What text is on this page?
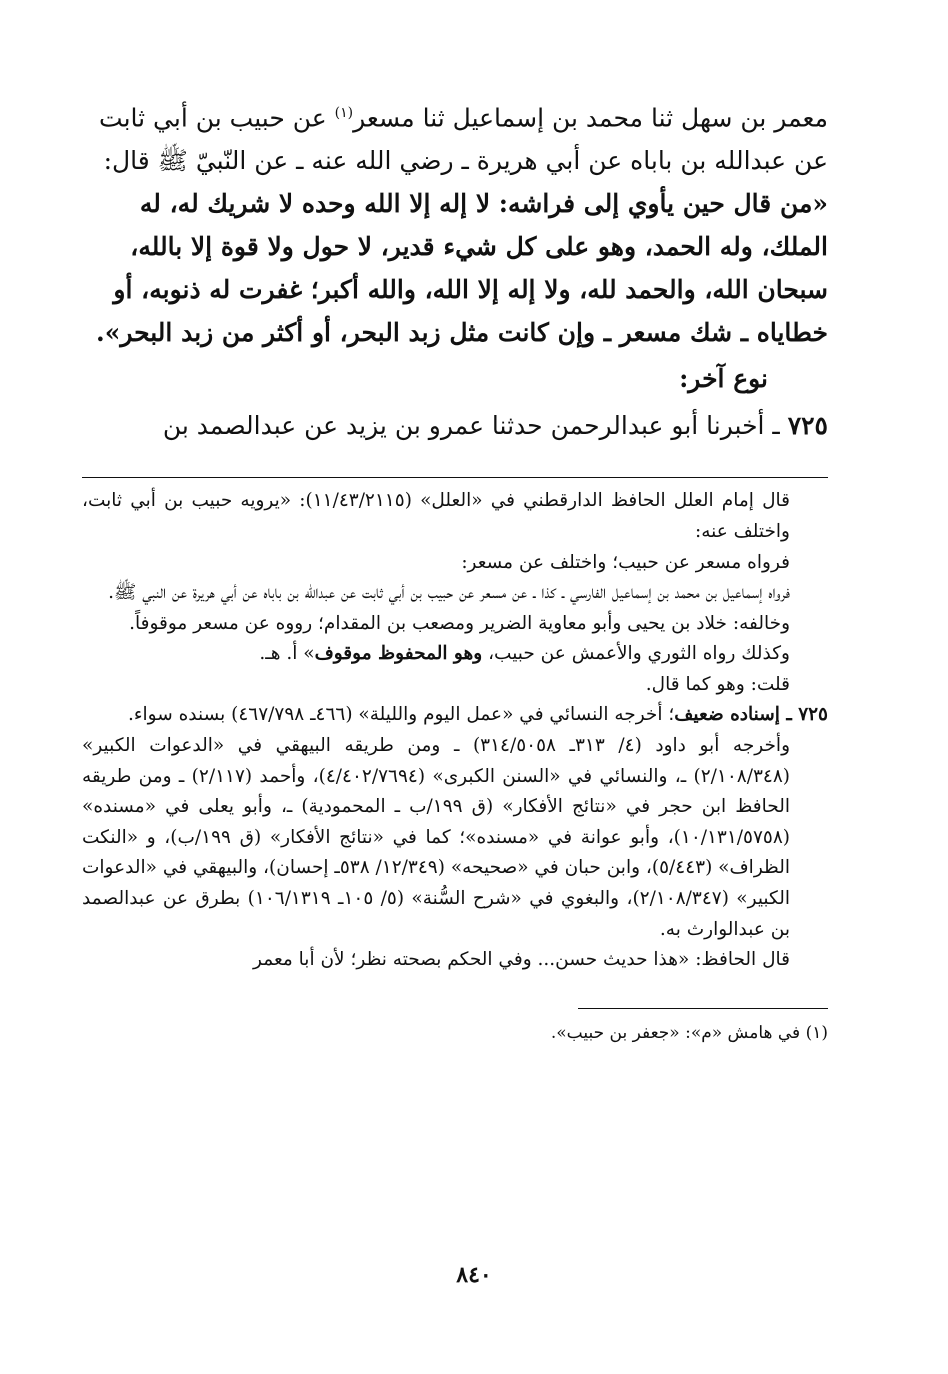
معمر بن سهل ثنا محمد بن إسماعيل ثنا مسعر$^{(١)}$ عن حبيب بن أبي ثابت

عن عبدالله بن باباه عن أبي هريرة ـ رضي الله عنه ـ عن النّبيّ ﷺ قال:

«من قال حين يأوي إلى فراشه: لا إله إلا الله وحده لا شريك له، له

الملك، وله الحمد، وهو على كل شيء قدير، لا حول ولا قوة إلا بالله،

سبحان الله، والحمد لله، ولا إله إلا الله، والله أكبر؛ غفرت له ذنوبه، أو

خطاياه ـ شك مسعر ـ وإن كانت مثل زبد البحر، أو أكثر من زبد البحر».

نوع آخر:

٧٢٥ ـ أخبرنا أبو عبدالرحمن حدثنا عمرو بن يزيد عن عبدالصمد بن

قال إمام العلل الحافظ الدارقطني في «العلل» (١١/٤٣/٢١١٥): «يرويه حبيب بن أبي ثابت، واختلف عنه:

فرواه مسعر عن حبيب؛ واختلف عن مسعر:

فرواه إسماعيل بن محمد بن إسماعيل الفارسي ـ كذا ـ عن مسعر عن حبيب بن أبي ثابت عن عبدالله بن باباه عن أبي هريرة عن النبي ﷺ.

وخالفه: خلاد بن يحيى وأبو معاوية الضرير ومصعب بن المقدام؛ رووه عن مسعر موقوفاً.

وكذلك رواه الثوري والأعمش عن حبيب، وهو المحفوظ موقوف» أ. هـ.

قلت: وهو كما قال.

٧٢٥ ـ إسناده ضعيف؛ أخرجه النسائي في «عمل اليوم والليلة» (٤٦٦ـ ٤٦٧/٧٩٨) بسنده سواء.

وأخرجه أبو داود (٤/ ٣١٣ـ ٣١٤/٥٠٥٨) ـ ومن طريقه البيهقي في «الدعوات الكبير» (٢/١٠٨/٣٤٨) ـ، والنسائي في «السنن الكبرى» (٤/٤٠٢/٧٦٩٤)، وأحمد (٢/١١٧) ـ ومن طريقه الحافظ ابن حجر في «نتائج الأفكار» (ق ١٩٩/ب ـ المحمودية) ـ، وأبو يعلى في «مسنده» (١٠/١٣١/٥٧٥٨)، وأبو عوانة في «مسنده»؛ كما في «نتائج الأفكار» (ق ١٩٩/ب)، و «النكت الظراف» (٥/٤٤٣)، وابن حبان في «صحيحه» (١٢/٣٤٩/ ٥٣٨ـ إحسان)، والبيهقي في «الدعوات الكبير» (٢/١٠٨/٣٤٧)، والبغوي في «شرح السُّنة» (٥/ ١٠٥ـ ١٠٦/١٣١٩) بطرق عن عبدالصمد بن عبدالوارث به.

قال الحافظ: «هذا حديث حسن... وفي الحكم بصحته نظر؛ لأن أبا معمر

(١) في هامش «م»: «جعفر بن حبيب».

٨٤٠
